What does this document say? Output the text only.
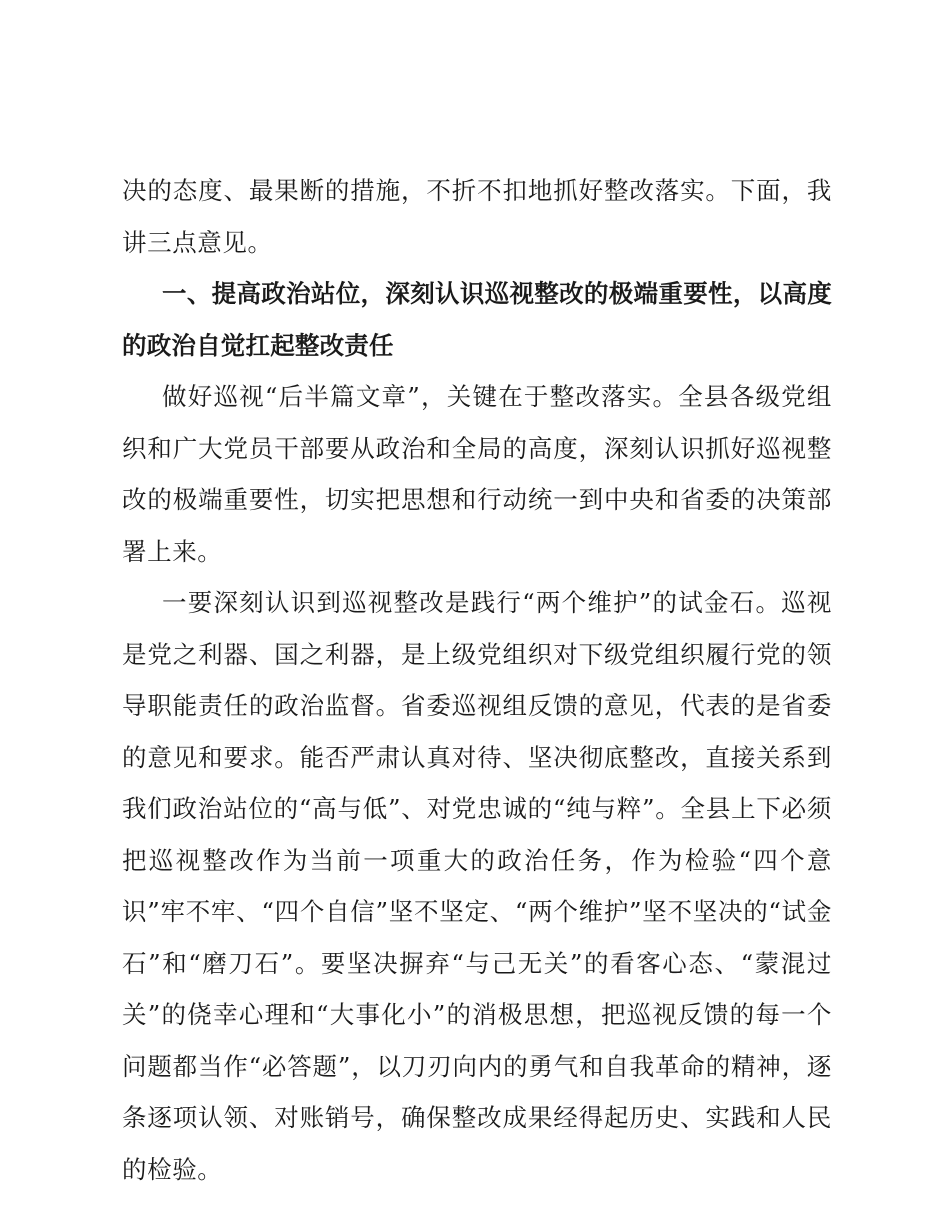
决的态度、最果断的措施，不折不扣地抓好整改落实。下面，我讲三点意见。

一、提高政治站位，深刻认识巡视整改的极端重要性，以高度的政治自觉扛起整改责任

做好巡视“后半篇文章”，关键在于整改落实。全县各级党组织和广大党员干部要从政治和全局的高度，深刻认识抓好巡视整改的极端重要性，切实把思想和行动统一到中央和省委的决策部署上来。

一要深刻认识到巡视整改是践行“两个维护”的试金石。巡视是党之利器、国之利器，是上级党组织对下级党组织履行党的领导职能责任的政治监督。省委巡视组反馈的意见，代表的是省委的意见和要求。能否严肃认真对待、坚决彻底整改，直接关系到我们政治站位的“高与低”、对党忠诚的“纯与粹”。全县上下必须把巡视整改作为当前一项重大的政治任务，作为检验“四个意识”牢不牢、“四个自信”坚不坚定、“两个维护”坚不坚决的“试金石”和“磨刀石”。要坚决摒弃“与己无关”的看客心态、“蒙混过关”的侥幸心理和“大事化小”的消极思想，把巡视反馈的每一个问题都当作“必答题”，以刀刃向内的勇气和自我革命的精神，逐条逐项认领、对账销号，确保整改成果经得起历史、实践和人民的检验。
